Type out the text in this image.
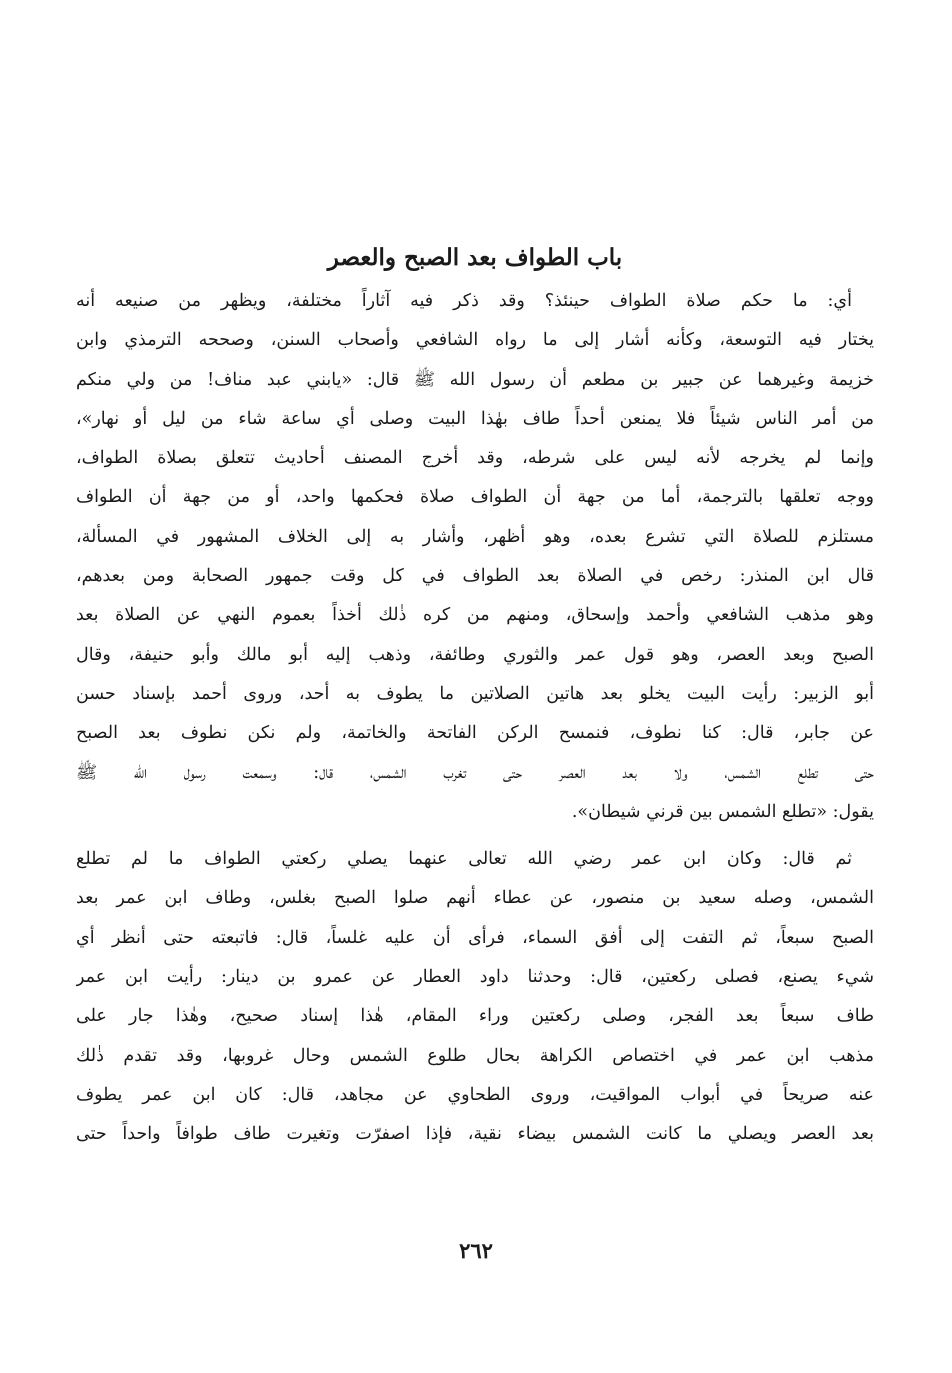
باب الطواف بعد الصبح والعصر
أي: ما حكم صلاة الطواف حينئذ؟ وقد ذكر فيه آثاراً مختلفة، ويظهر من صنيعه أنه
يختار فيه التوسعة، وكأنه أشار إلى ما رواه الشافعي وأصحاب السنن، وصححه الترمذي وابن
خزيمة وغيرهما عن جبير بن مطعم أن رسول الله ﷺ قال: «يابني عبد مناف! من ولي منكم
من أمر الناس شيئاً فلا يمنعن أحداً طاف بهٰذا البيت وصلى أي ساعة شاء من ليل أو نهار»،
وإنما لم يخرجه لأنه ليس على شرطه، وقد أخرج المصنف أحاديث تتعلق بصلاة الطواف،
ووجه تعلقها بالترجمة، أما من جهة أن الطواف صلاة فحكمها واحد، أو من جهة أن الطواف
مستلزم للصلاة التي تشرع بعده، وهو أظهر، وأشار به إلى الخلاف المشهور في المسألة،
قال ابن المنذر: رخص في الصلاة بعد الطواف في كل وقت جمهور الصحابة ومن بعدهم،
وهو مذهب الشافعي وأحمد وإسحاق، ومنهم من كره ذٰلك أخذاً بعموم النهي عن الصلاة بعد
الصبح وبعد العصر، وهو قول عمر والثوري وطائفة، وذهب إليه أبو مالك وأبو حنيفة، وقال
أبو الزبير: رأيت البيت يخلو بعد هاتين الصلاتين ما يطوف به أحد، وروى أحمد بإسناد حسن
عن جابر، قال: كنا نطوف، فنمسح الركن الفاتحة والخاتمة، ولم نكن نطوف بعد الصبح
حتى تطلع الشمس، ولا بعد العصر حتى تغرب الشمس، قال: وسمعت رسول الله ﷺ
يقول: «تطلع الشمس بين قرني شيطان».
ثم قال: وكان ابن عمر رضي الله تعالى عنهما يصلي ركعتي الطواف ما لم تطلع
الشمس، وصله سعيد بن منصور، عن عطاء أنهم صلوا الصبح بغلس، وطاف ابن عمر بعد
الصبح سبعاً، ثم التفت إلى أفق السماء، فرأى أن عليه غلساً، قال: فاتبعته حتى أنظر أي
شيء يصنع، فصلى ركعتين، قال: وحدثنا داود العطار عن عمرو بن دينار: رأيت ابن عمر
طاف سبعاً بعد الفجر، وصلى ركعتين وراء المقام، هٰذا إسناد صحيح، وهٰذا جار على
مذهب ابن عمر في اختصاص الكراهة بحال طلوع الشمس وحال غروبها، وقد تقدم ذٰلك
عنه صريحاً في أبواب المواقيت، وروى الطحاوي عن مجاهد، قال: كان ابن عمر يطوف
بعد العصر ويصلي ما كانت الشمس بيضاء نقية، فإذا اصفرّت وتغيرت طاف طوافاً واحداً حتى
٢٦٢
